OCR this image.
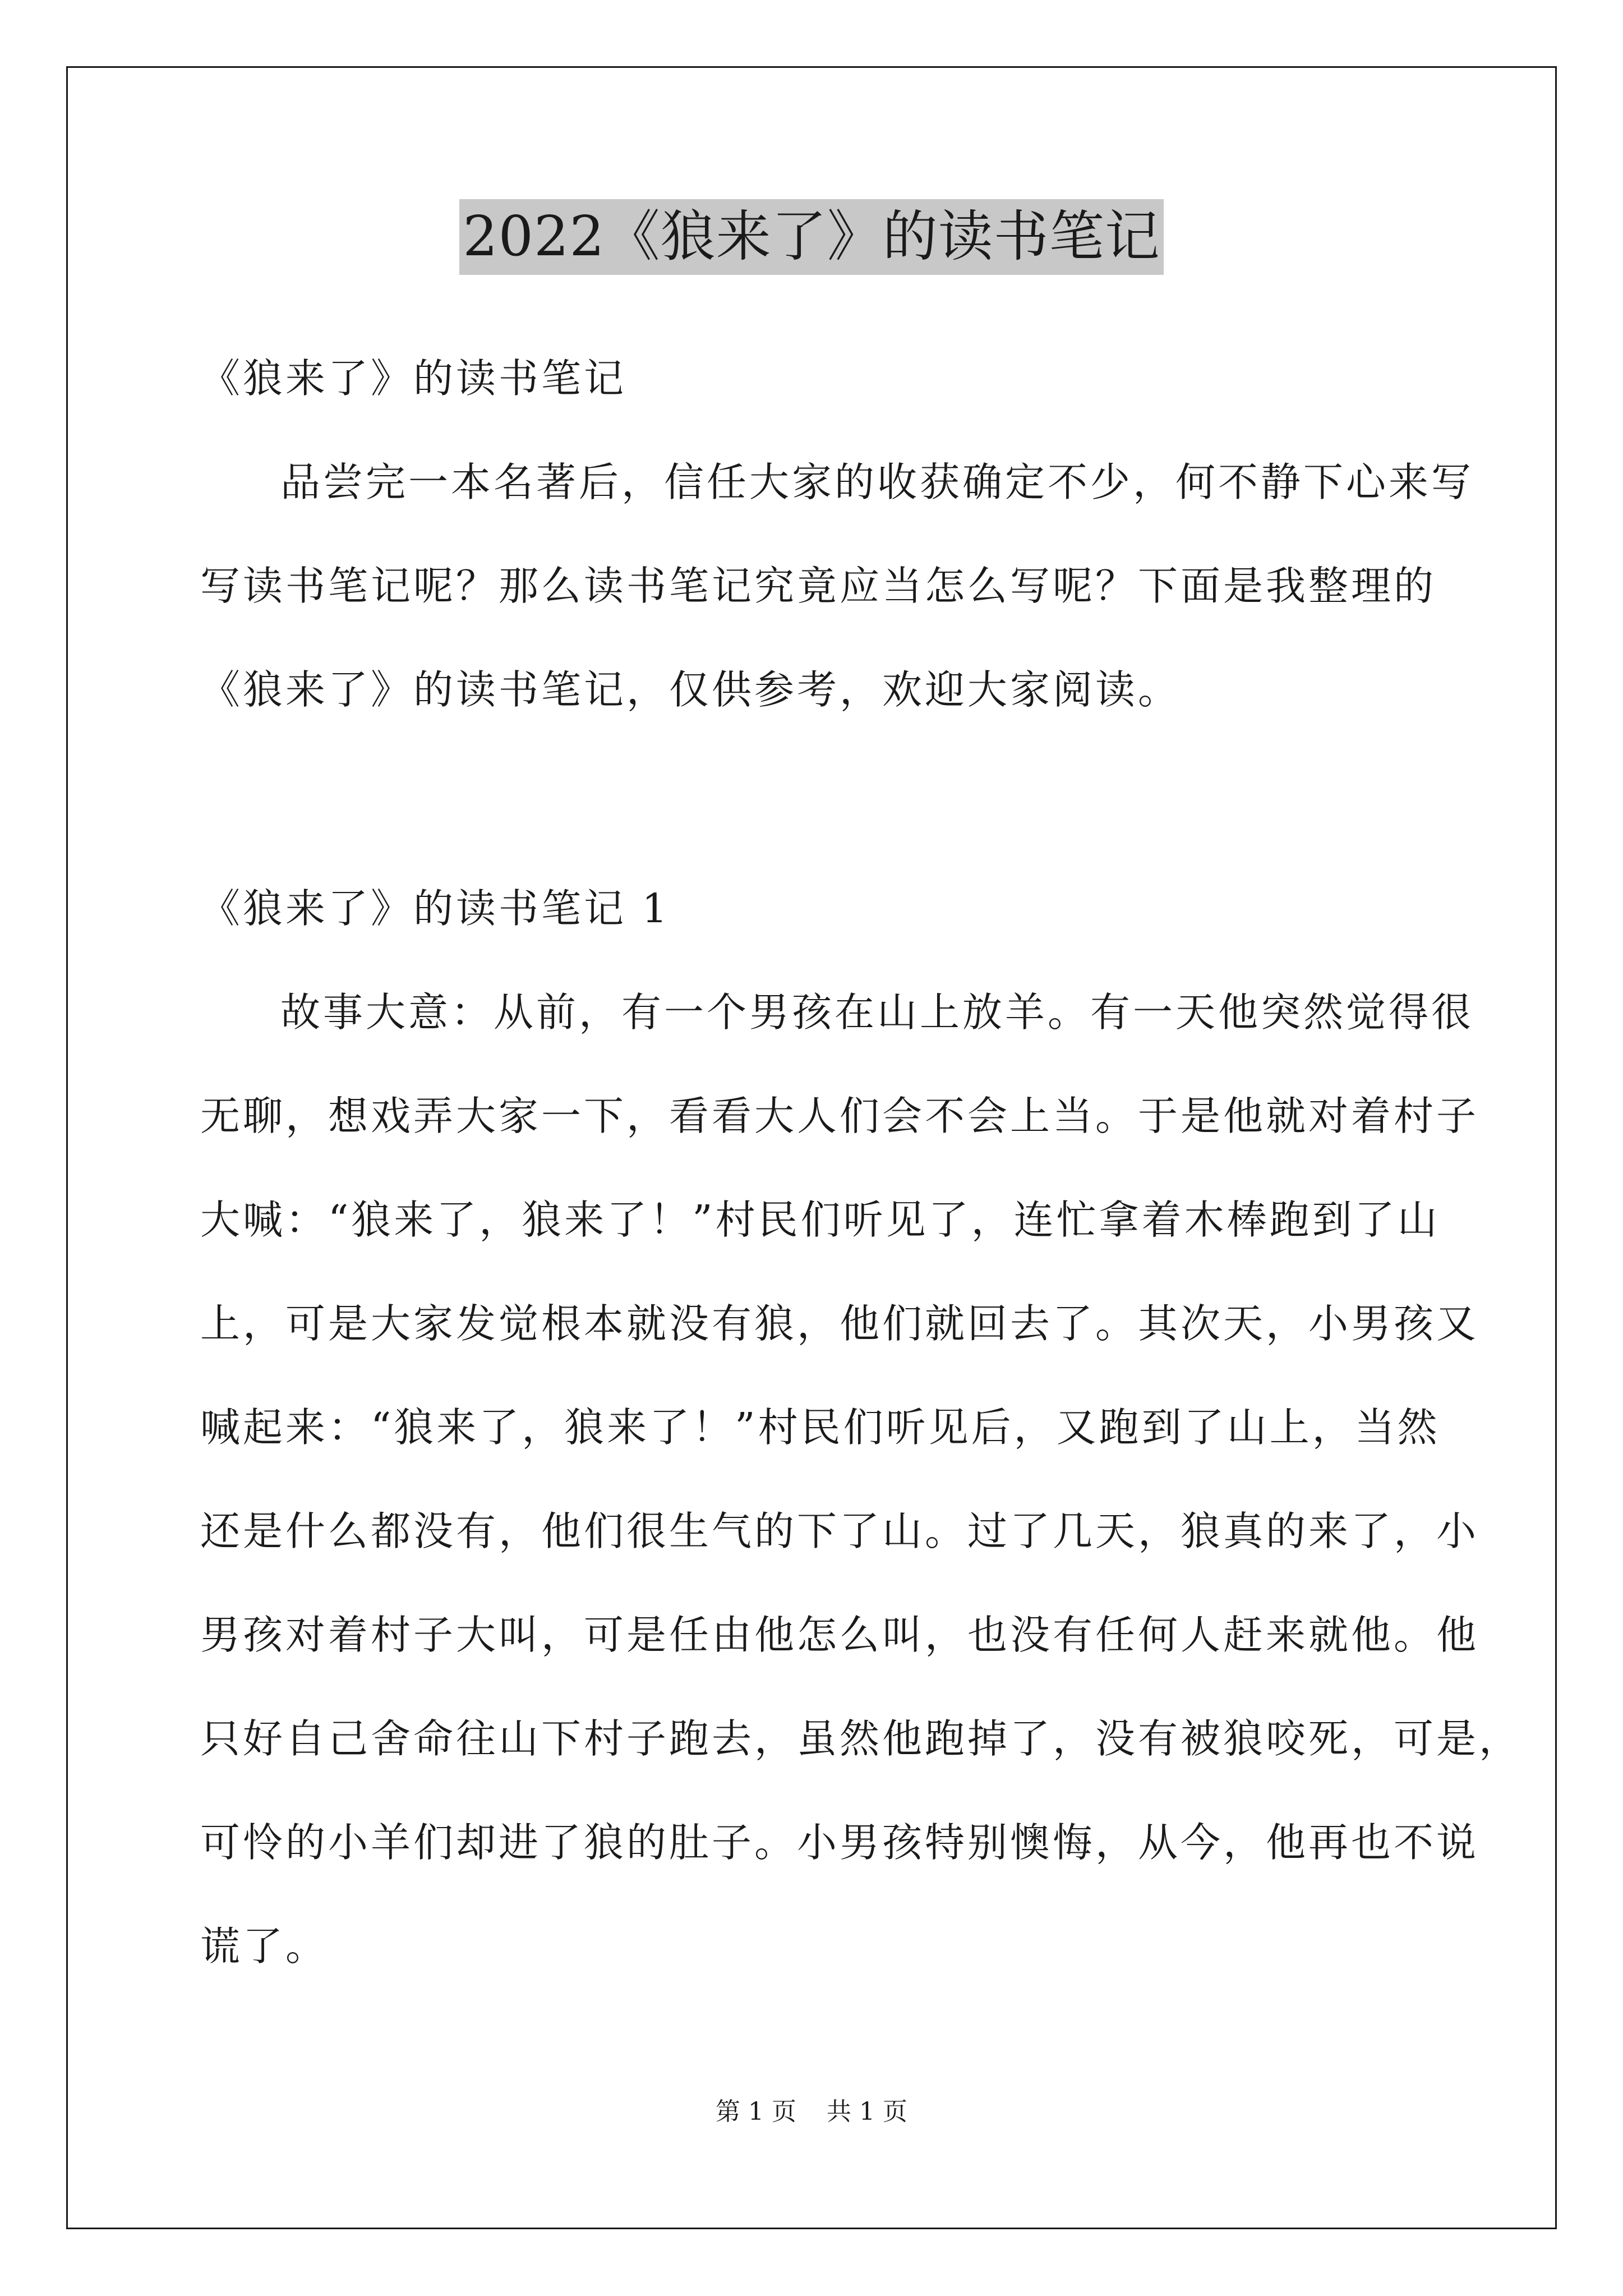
2022《狼来了》的读书笔记
《狼来了》的读书笔记
品尝完一本名著后，信任大家的收获确定不少，何不静下心来写
写读书笔记呢？那么读书笔记究竟应当怎么写呢？下面是我整理的
《狼来了》的读书笔记，仅供参考，欢迎大家阅读。
《狼来了》的读书笔记 1
故事大意：从前，有一个男孩在山上放羊。有一天他突然觉得很
无聊，想戏弄大家一下，看看大人们会不会上当。于是他就对着村子
大喊：“狼来了，狼来了！”村民们听见了，连忙拿着木棒跑到了山
上，可是大家发觉根本就没有狼，他们就回去了。其次天，小男孩又
喊起来：“狼来了，狼来了！”村民们听见后，又跑到了山上，当然
还是什么都没有，他们很生气的下了山。过了几天，狼真的来了，小
男孩对着村子大叫，可是任由他怎么叫，也没有任何人赶来就他。他
只好自己舍命往山下村子跑去，虽然他跑掉了，没有被狼咬死，可是，
可怜的小羊们却进了狼的肚子。小男孩特别懊悔，从今，他再也不说
谎了。
第 1 页 共 1 页
